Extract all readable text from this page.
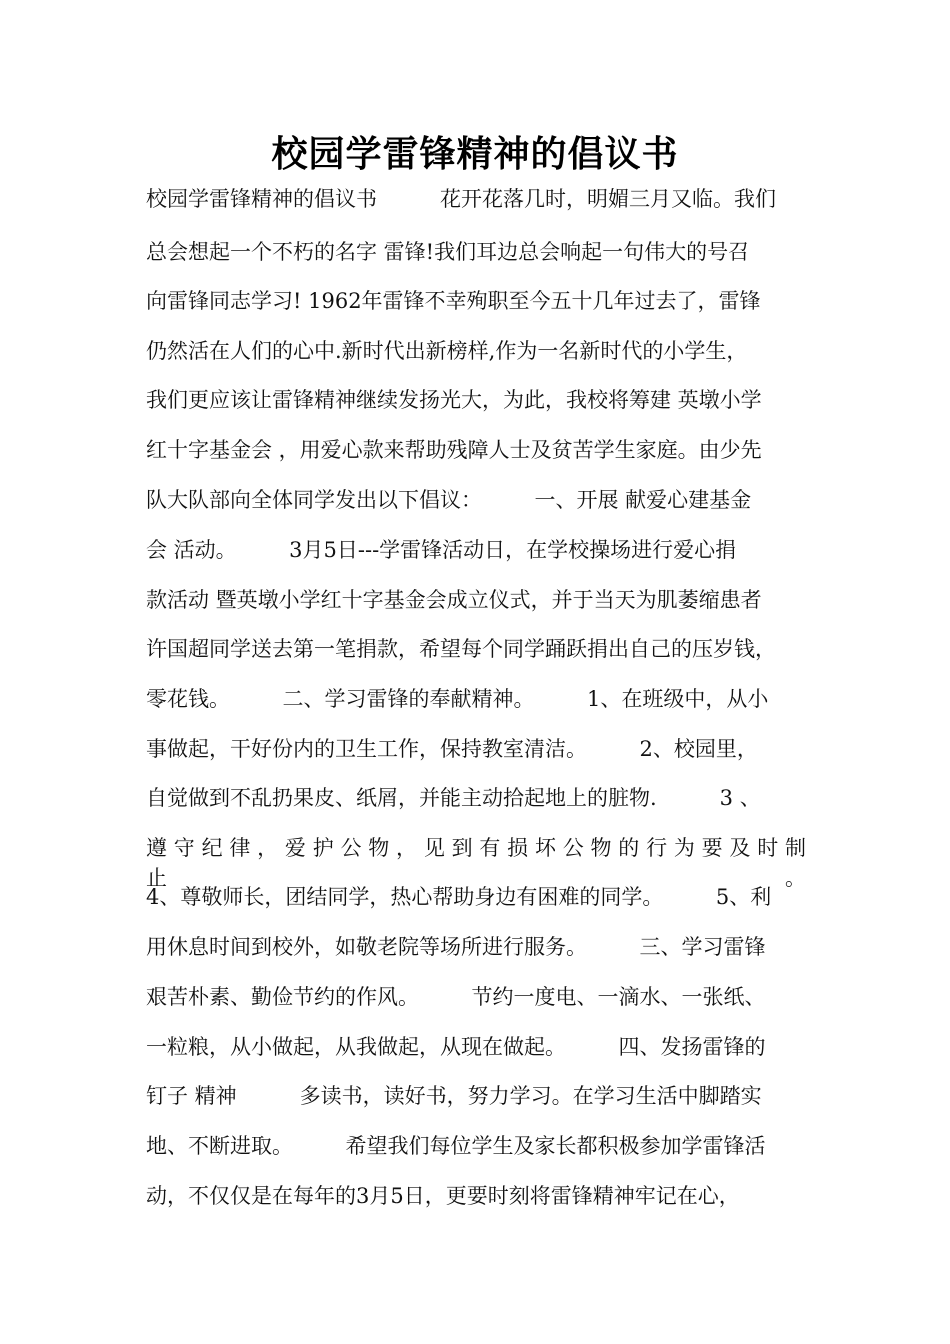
校园学雷锋精神的倡议书
校园学雷锋精神的倡议书　　　花开花落几时，明媚三月又临。我们
总会想起一个不朽的名字 雷锋!我们耳边总会响起一句伟大的号召
向雷锋同志学习! 1962年雷锋不幸殉职至今五十几年过去了，雷锋
仍然活在人们的心中.新时代出新榜样,作为一名新时代的小学生，
我们更应该让雷锋精神继续发扬光大，为此，我校将筹建 英墩小学
红十字基金会 ，用爱心款来帮助残障人士及贫苦学生家庭。由少先
队大队部向全体同学发出以下倡议：　　　一、开展 献爱心建基金
会 活动。　　　3月5日---学雷锋活动日，在学校操场进行爱心捐
款活动 暨英墩小学红十字基金会成立仪式，并于当天为肌萎缩患者
许国超同学送去第一笔捐款，希望每个同学踊跃捐出自己的压岁钱，
零花钱。　　　二、学习雷锋的奉献精神。　　　1、在班级中，从小
事做起，干好份内的卫生工作，保持教室清洁。　　　2、校园里，
自觉做到不乱扔果皮、纸屑，并能主动拾起地上的脏物.　　　3 、
遵 守 纪 律 ， 爱 护 公 物 ， 见 到 有 损 坏 公 物 的 行 为 要 及 时 制 止 。
4、尊敬师长，团结同学，热心帮助身边有困难的同学。　　　5、利
用休息时间到校外，如敬老院等场所进行服务。　　　三、学习雷锋
艰苦朴素、勤俭节约的作风。　　　节约一度电、一滴水、一张纸、
一粒粮，从小做起，从我做起，从现在做起。　　　四、发扬雷锋的
钉子 精神　　　多读书，读好书，努力学习。在学习生活中脚踏实
地、不断进取。　　　希望我们每位学生及家长都积极参加学雷锋活
动，不仅仅是在每年的3月5日，更要时刻将雷锋精神牢记在心，
